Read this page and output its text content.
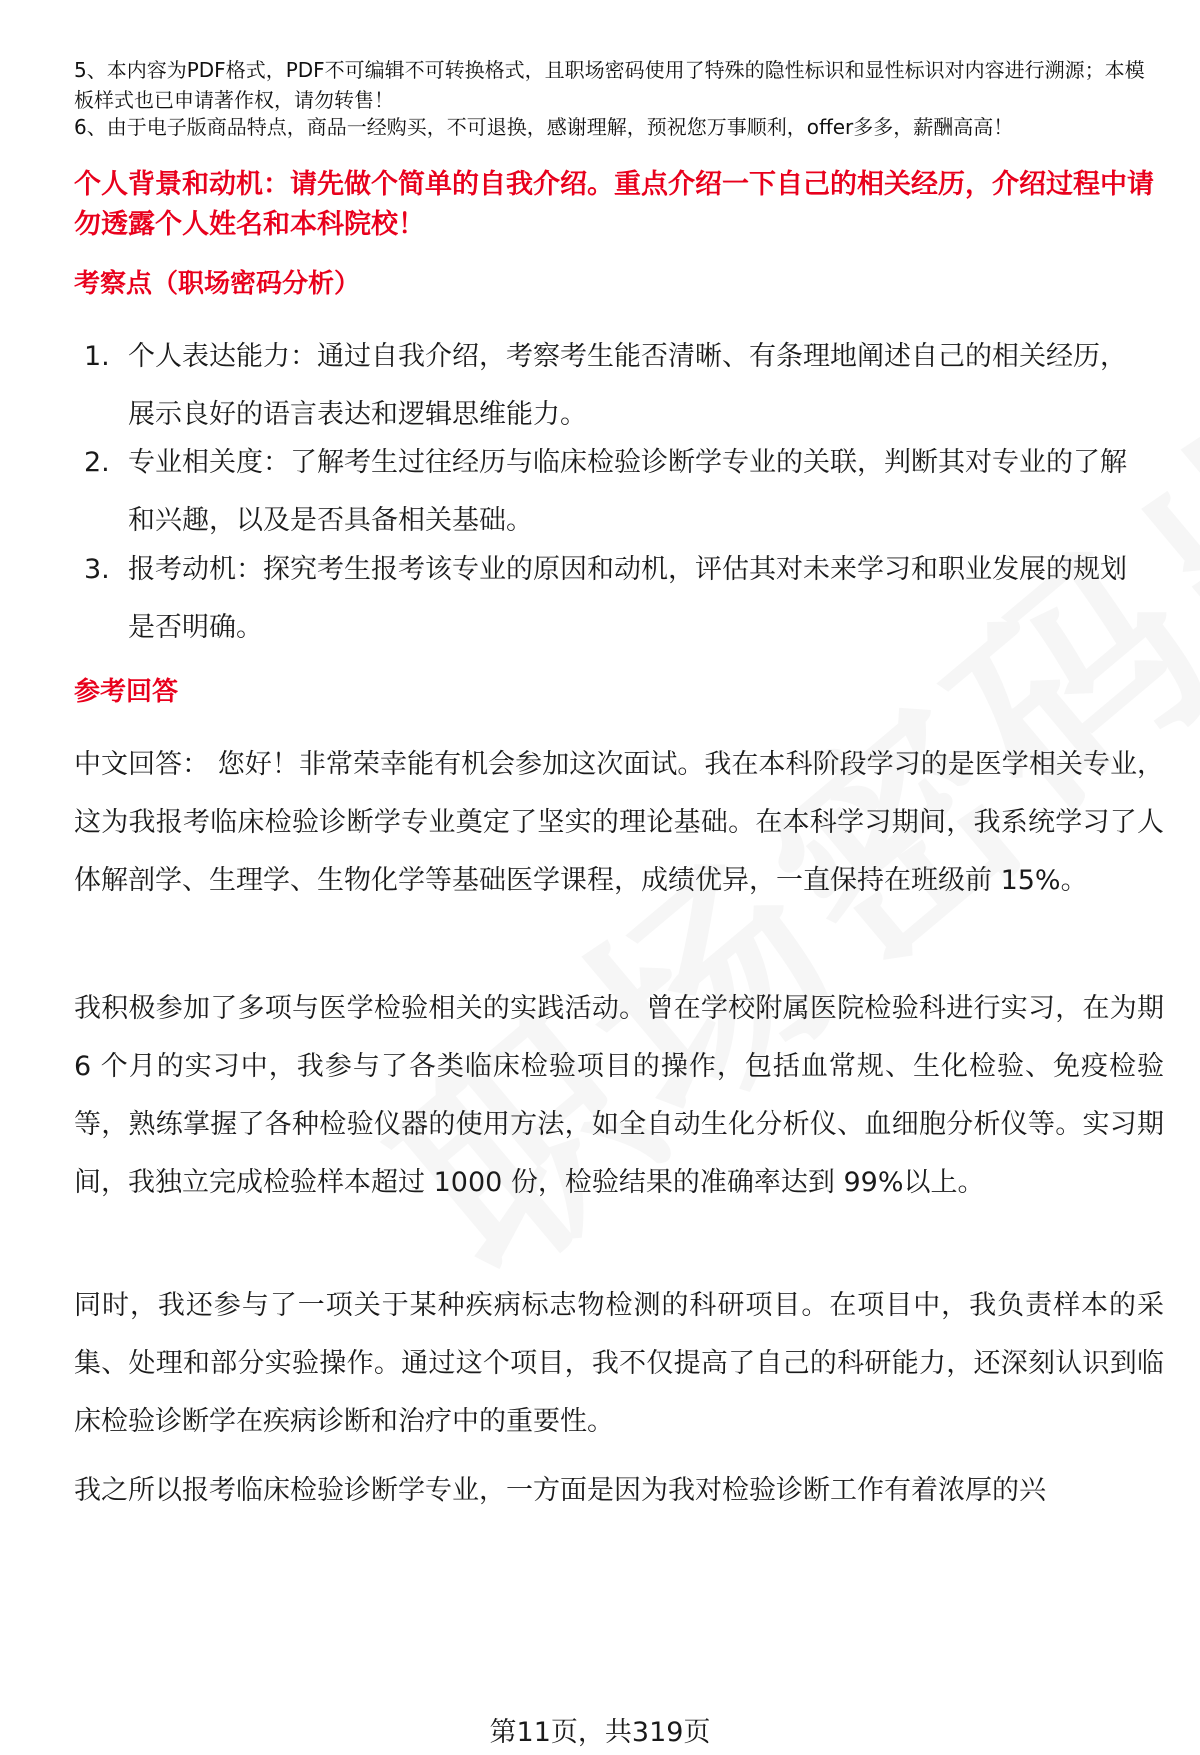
5、本内容为PDF格式，PDF不可编辑不可转换格式，且职场密码使用了特殊的隐性标识和显性标识对内容进行溯源；本模板样式也已申请著作权，请勿转售！
6、由于电子版商品特点，商品一经购买，不可退换，感谢理解，预祝您万事顺利，offer多多，薪酬高高！
个人背景和动机：请先做个简单的自我介绍。重点介绍一下自己的相关经历，介绍过程中请勿透露个人姓名和本科院校！
考察点（职场密码分析）
1. 个人表达能力：通过自我介绍，考察考生能否清晰、有条理地阐述自己的相关经历，展示良好的语言表达和逻辑思维能力。
2. 专业相关度：了解考生过往经历与临床检验诊断学专业的关联，判断其对专业的了解和兴趣，以及是否具备相关基础。
3. 报考动机：探究考生报考该专业的原因和动机，评估其对未来学习和职业发展的规划是否明确。
参考回答
中文回答： 您好！非常荣幸能有机会参加这次面试。我在本科阶段学习的是医学相关专业，这为我报考临床检验诊断学专业奠定了坚实的理论基础。在本科学习期间，我系统学习了人体解剖学、生理学、生物化学等基础医学课程，成绩优异，一直保持在班级前 15%。
我积极参加了多项与医学检验相关的实践活动。曾在学校附属医院检验科进行实习，在为期 6 个月的实习中，我参与了各类临床检验项目的操作，包括血常规、生化检验、免疫检验等，熟练掌握了各种检验仪器的使用方法，如全自动生化分析仪、血细胞分析仪等。实习期间，我独立完成检验样本超过 1000 份，检验结果的准确率达到 99%以上。
同时，我还参与了一项关于某种疾病标志物检测的科研项目。在项目中，我负责样本的采集、处理和部分实验操作。通过这个项目，我不仅提高了自己的科研能力，还深刻认识到临床检验诊断学在疾病诊断和治疗中的重要性。
我之所以报考临床检验诊断学专业，一方面是因为我对检验诊断工作有着浓厚的兴
第11页，共319页
